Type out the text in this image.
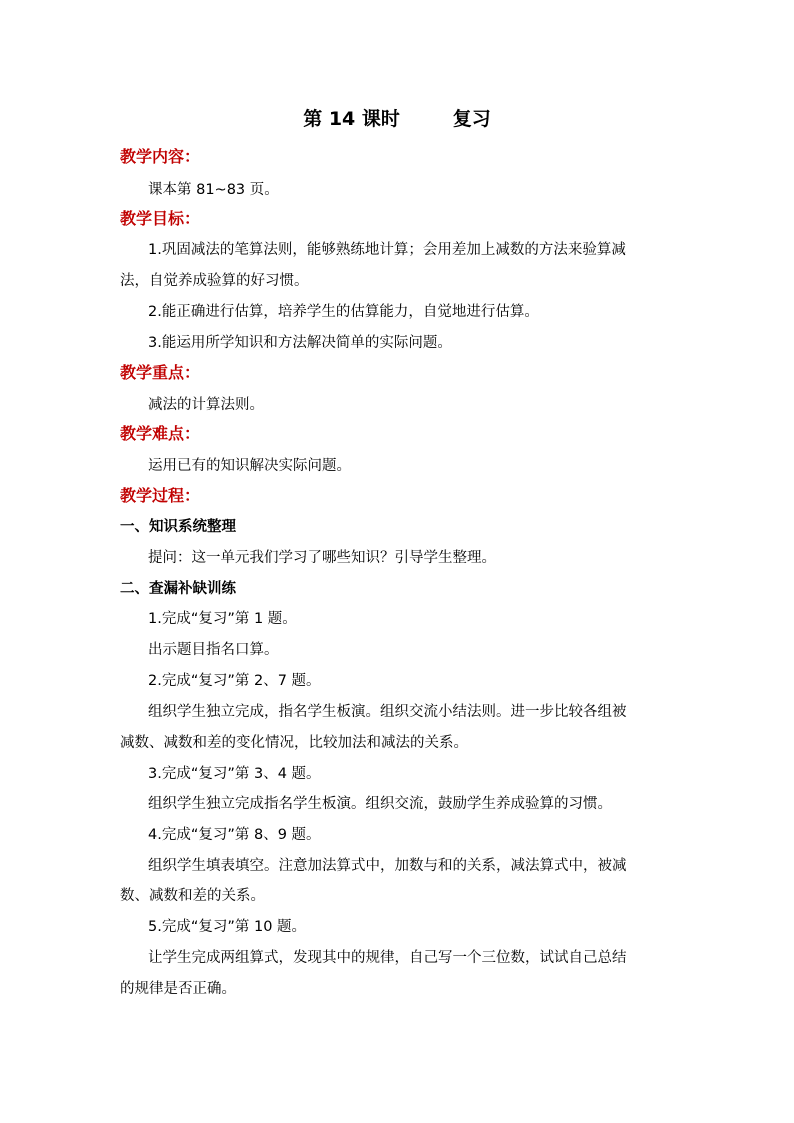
第 14 课时        复习
教学内容：
课本第 81~83 页。
教学目标：
1.巩固减法的笔算法则，能够熟练地计算；会用差加上减数的方法来验算减
法，自觉养成验算的好习惯。
2.能正确进行估算，培养学生的估算能力，自觉地进行估算。
3.能运用所学知识和方法解决简单的实际问题。
教学重点：
减法的计算法则。
教学难点：
运用已有的知识解决实际问题。
教学过程：
一、知识系统整理
提问：这一单元我们学习了哪些知识？引导学生整理。
二、查漏补缺训练
1.完成“复习”第 1 题。
出示题目指名口算。
2.完成“复习”第 2、7 题。
组织学生独立完成，指名学生板演。组织交流小结法则。进一步比较各组被
减数、减数和差的变化情况，比较加法和减法的关系。
3.完成“复习”第 3、4 题。
组织学生独立完成指名学生板演。组织交流，鼓励学生养成验算的习惯。
4.完成“复习”第 8、9 题。
组织学生填表填空。注意加法算式中，加数与和的关系，减法算式中，被减
数、减数和差的关系。
5.完成“复习”第 10 题。
让学生完成两组算式，发现其中的规律，自己写一个三位数，试试自己总结
的规律是否正确。
